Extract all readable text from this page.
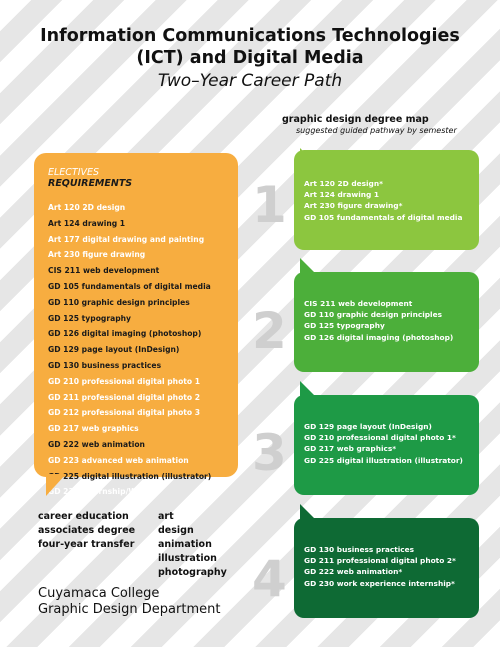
Information Communications Technologies
(ICT) and Digital Media
Two–Year Career Path
graphic design degree map
suggested guided pathway by semester
ELECTIVES
REQUIREMENTS
Art 120 2D design
Art 124 drawing 1
Art 177 digital drawing and painting
Art 230 figure drawing
CIS 211 web development
GD 105 fundamentals of digital media
GD 110 graphic design principles
GD 125 typography
GD 126 digital imaging (photoshop)
GD 129 page layout (InDesign)
GD 130 business practices
GD 210 professional digital photo 1
GD 211 professional digital photo 2
GD 212 professional digital photo 3
GD 217 web graphics
GD 222 web animation
GD 223 advanced web animation
GD 225 digital illustration (illustrator)
GD 230 internship/WEX
1
2
3
4
Art 120 2D design*
Art 124 drawing 1
Art 230 figure drawing*
GD 105 fundamentals of digital media
CIS 211 web development
GD 110 graphic design principles
GD 125 typography
GD 126 digital imaging (photoshop)
GD 129 page layout (InDesign)
GD 210 professional digital photo 1*
GD 217 web graphics*
GD 225 digital illustration (illustrator)
GD 130 business practices
GD 211 professional digital photo 2*
GD 222 web animation*
GD 230 work experience internship*
career education
associates degree
four-year transfer
art
design
animation
illustration
photography
Cuyamaca College
Graphic Design Department
